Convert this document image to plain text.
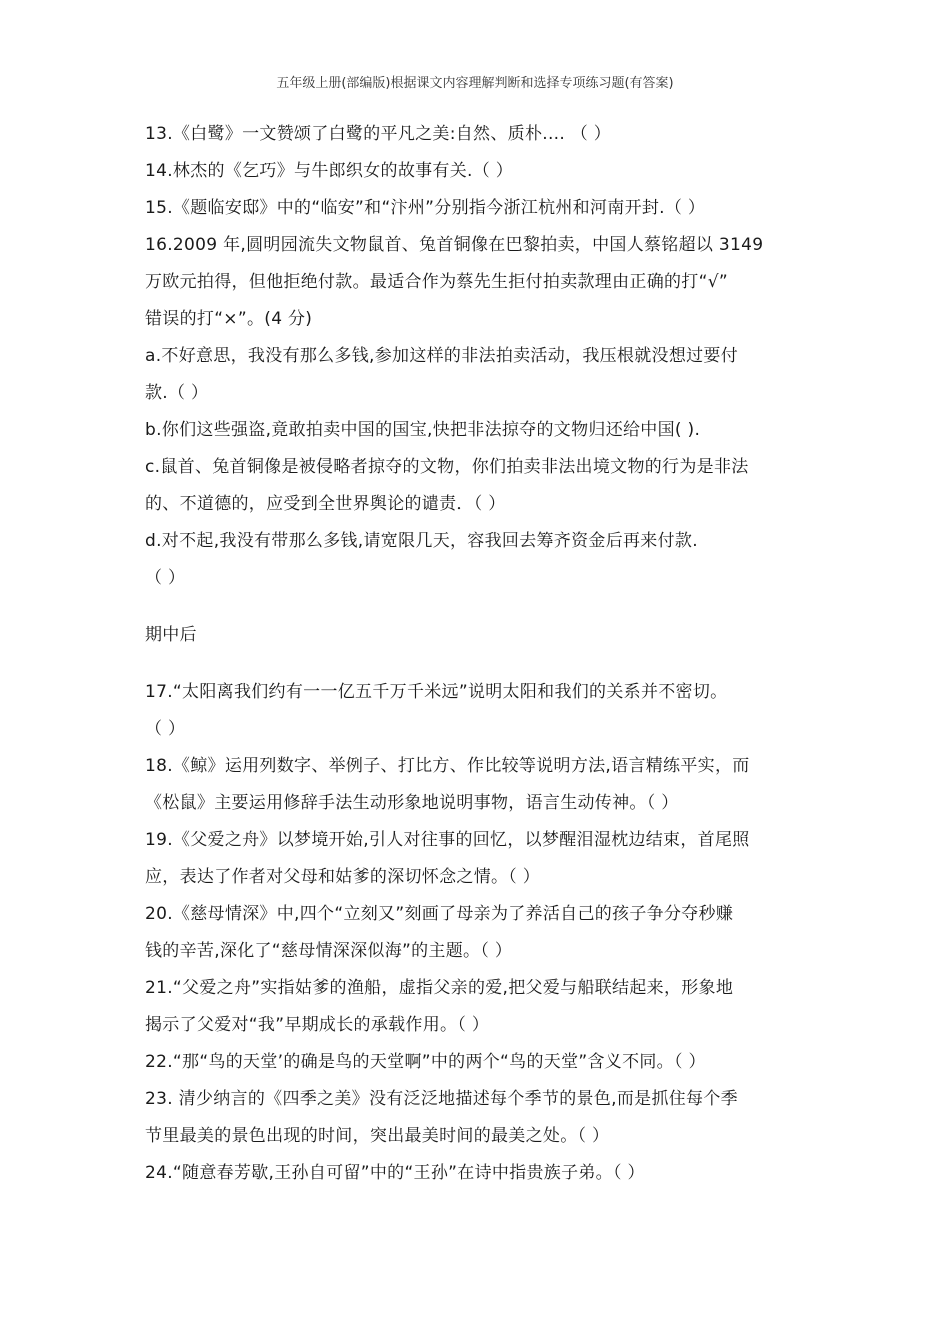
五年级上册(部编版)根据课文内容理解判断和选择专项练习题(有答案)
13.《白鹭》一文赞颂了白鹭的平凡之美:自然、质朴.... （ ）
14.林杰的《乞巧》与牛郎织女的故事有关.（ ）
15.《题临安邸》中的“临安”和“汴州”分别指今浙江杭州和河南开封.（ ）
16.2009 年,圆明园流失文物鼠首、兔首铜像在巴黎拍卖，中国人蔡铭超以 3149
万欧元拍得，但他拒绝付款。最适合作为蔡先生拒付拍卖款理由正确的打“√”
错误的打“×”。(4 分)
a.不好意思，我没有那么多钱,参加这样的非法拍卖活动，我压根就没想过要付
款.（ ）
b.你们这些强盗,竟敢拍卖中国的国宝,快把非法掠夺的文物归还给中国( ).
c.鼠首、兔首铜像是被侵略者掠夺的文物，你们拍卖非法出境文物的行为是非法
的、不道德的，应受到全世界舆论的谴责．（ ）
d.对不起,我没有带那么多钱,请宽限几天，容我回去筹齐资金后再来付款.
（ ）
期中后
17.“太阳离我们约有一一亿五千万千米远”说明太阳和我们的关系并不密切。
（ ）
18.《鲸》运用列数字、举例子、打比方、作比较等说明方法,语言精练平实，而
《松鼠》主要运用修辞手法生动形象地说明事物，语言生动传神。（ ）
19.《父爱之舟》以梦境开始,引人对往事的回忆，以梦醒泪湿枕边结束，首尾照
应，表达了作者对父母和姑爹的深切怀念之情。（ ）
20.《慈母情深》中,四个“立刻又”刻画了母亲为了养活自己的孩子争分夺秒赚
钱的辛苦,深化了“慈母情深深似海”的主题。（ ）
21.“父爱之舟”实指姑爹的渔船，虚指父亲的爱,把父爱与船联结起来，形象地
揭示了父爱对“我”早期成长的承载作用。（ ）
22.“那“鸟的天堂’的确是鸟的天堂啊”中的两个“鸟的天堂”含义不同。（ ）
23. 清少纳言的《四季之美》没有泛泛地描述每个季节的景色,而是抓住每个季
节里最美的景色出现的时间，突出最美时间的最美之处。（ ）
24.“随意春芳歇,王孙自可留”中的“王孙”在诗中指贵族子弟。（ ）
